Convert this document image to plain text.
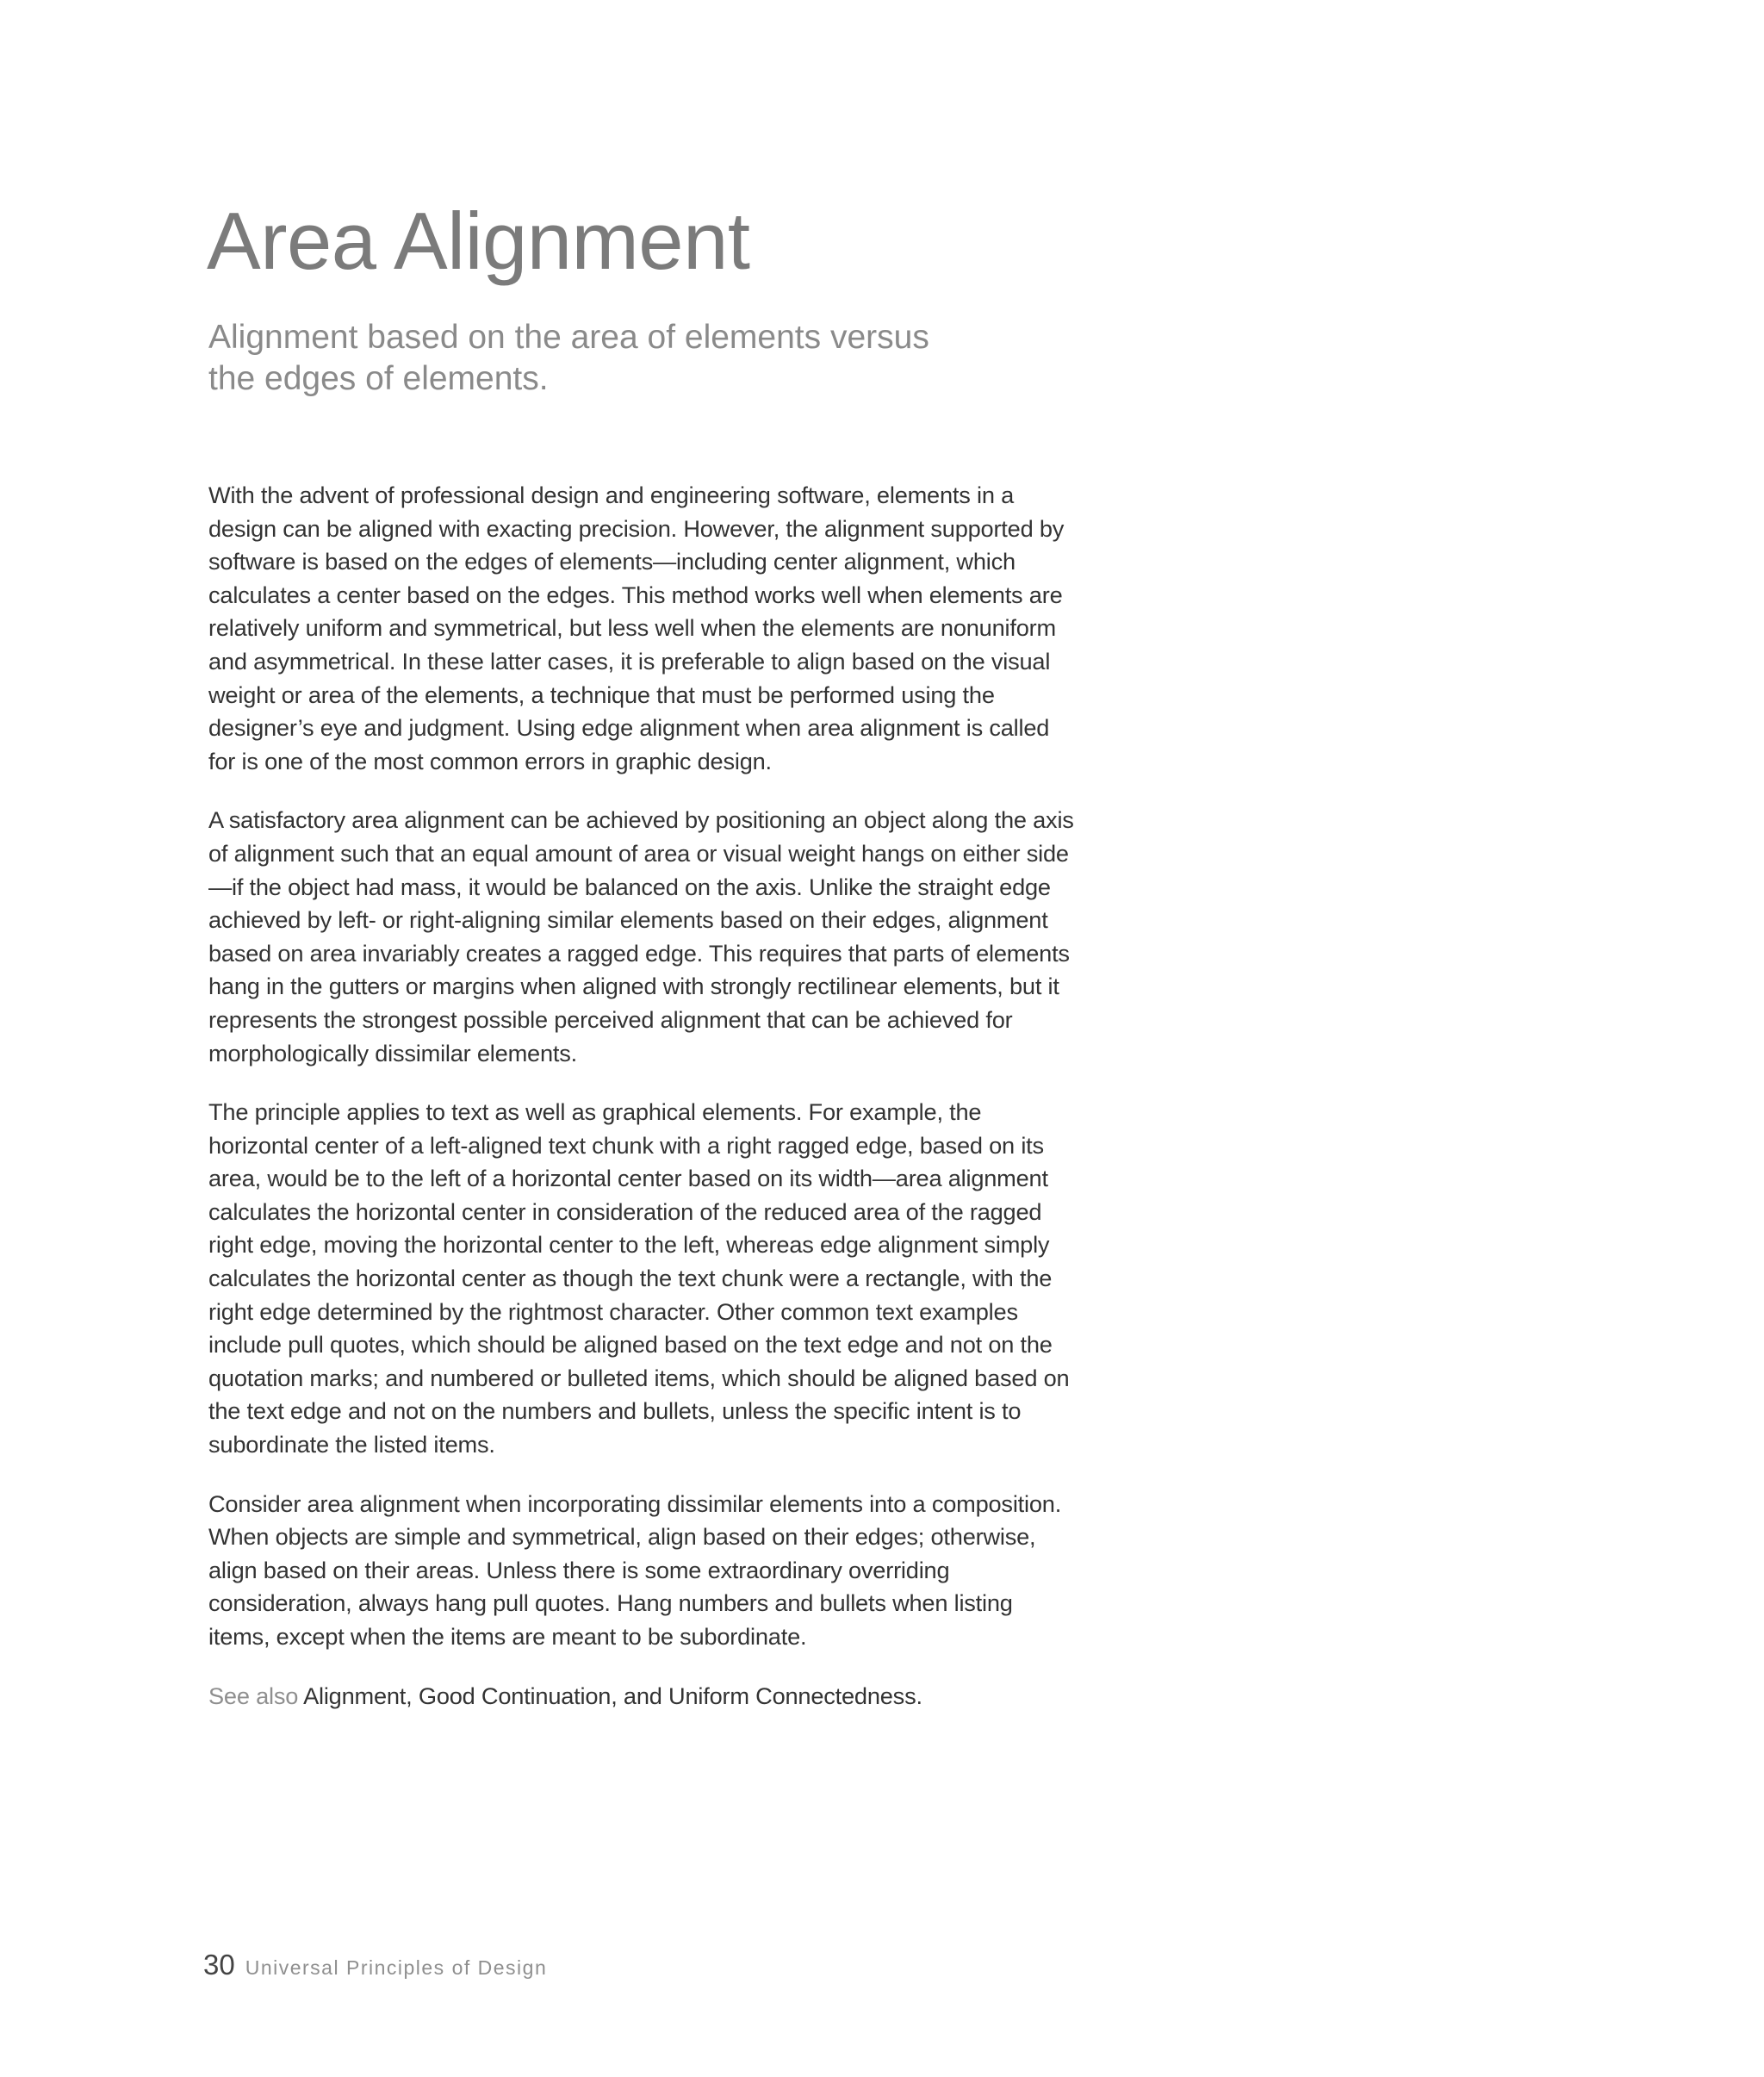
Area Alignment
Alignment based on the area of elements versus the edges of elements.

With the advent of professional design and engineering software, elements in a design can be aligned with exacting precision. However, the alignment supported by software is based on the edges of elements—including center alignment, which calculates a center based on the edges. This method works well when elements are relatively uniform and symmetrical, but less well when the elements are nonuniform and asymmetrical. In these latter cases, it is preferable to align based on the visual weight or area of the elements, a technique that must be performed using the designer’s eye and judgment. Using edge alignment when area alignment is called for is one of the most common errors in graphic design.

A satisfactory area alignment can be achieved by positioning an object along the axis of alignment such that an equal amount of area or visual weight hangs on either side—if the object had mass, it would be balanced on the axis. Unlike the straight edge achieved by left- or right-aligning similar elements based on their edges, alignment based on area invariably creates a ragged edge. This requires that parts of elements hang in the gutters or margins when aligned with strongly rectilinear elements, but it represents the strongest possible perceived alignment that can be achieved for morphologically dissimilar elements.

The principle applies to text as well as graphical elements. For example, the horizontal center of a left-aligned text chunk with a right ragged edge, based on its area, would be to the left of a horizontal center based on its width—area alignment calculates the horizontal center in consideration of the reduced area of the ragged right edge, moving the horizontal center to the left, whereas edge alignment simply calculates the horizontal center as though the text chunk were a rectangle, with the right edge determined by the rightmost character. Other common text examples include pull quotes, which should be aligned based on the text edge and not on the quotation marks; and numbered or bulleted items, which should be aligned based on the text edge and not on the numbers and bullets, unless the specific intent is to subordinate the listed items.

Consider area alignment when incorporating dissimilar elements into a composition. When objects are simple and symmetrical, align based on their edges; otherwise, align based on their areas. Unless there is some extraordinary overriding consideration, always hang pull quotes. Hang numbers and bullets when listing items, except when the items are meant to be subordinate.

See also Alignment, Good Continuation, and Uniform Connectedness.

30 Universal Principles of Design
